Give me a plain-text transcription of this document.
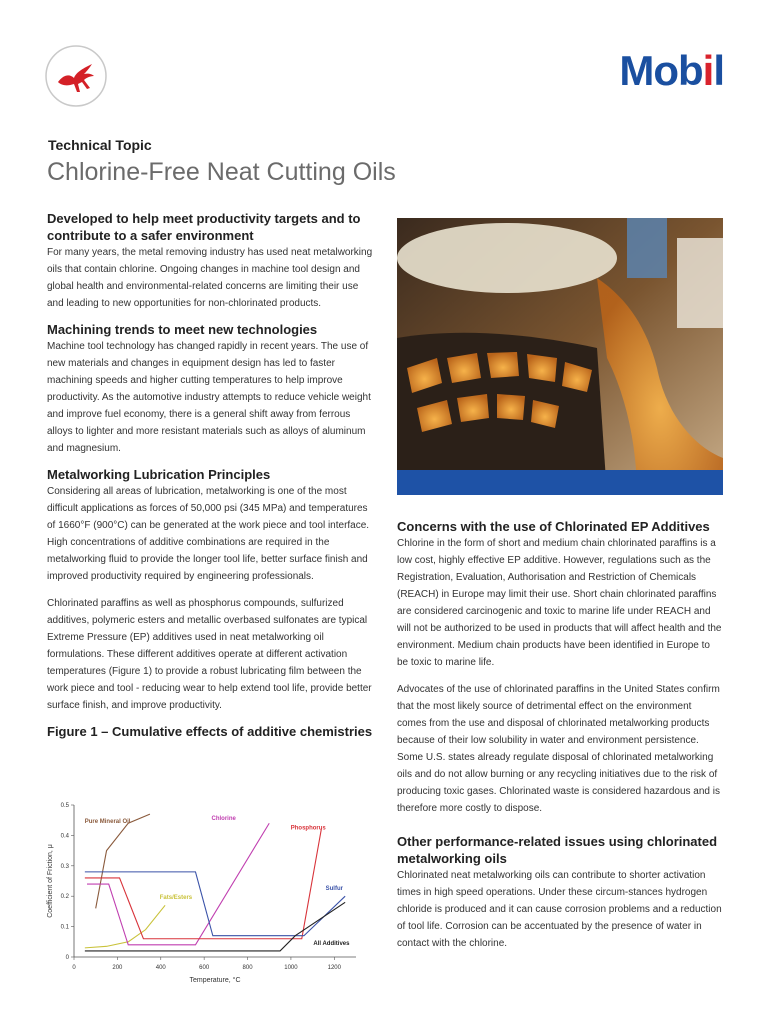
Mobil
Technical Topic
Chlorine-Free Neat Cutting Oils
Developed to help meet productivity targets and to contribute to a safer environment

For many years, the metal removing industry has used neat metalworking oils that contain chlorine. Ongoing changes in machine tool design and global health and environmental-related concerns are limiting their use and leading to new opportunities for non-chlorinated products.

Machining trends to meet new technologies

Machine tool technology has changed rapidly in recent years. The use of new materials and changes in equipment design has led to faster machining speeds and higher cutting temperatures to help improve productivity. As the automotive industry attempts to reduce vehicle weight and improve fuel economy, there is a general shift away from ferrous alloys to lighter and more resistant materials such as alloys of aluminum and magnesium.

Metalworking Lubrication Principles

Considering all areas of lubrication, metalworking is one of the most difficult applications as forces of 50,000 psi (345 MPa) and temperatures of 1660°F (900°C) can be generated at the work piece and tool interface. High concentrations of additive combinations are required in the metalworking fluid to provide the longer tool life, better surface finish and improved productivity required by engineering professionals.

Chlorinated paraffins as well as phosphorus compounds, sulfurized additives, polymeric esters and metallic overbased sulfonates are typical Extreme Pressure (EP) additives used in neat metalworking oil formulations. These different additives operate at different activation temperatures (Figure 1) to provide a robust lubricating film between the work piece and tool - reducing wear to help extend tool life, provide better surface finish, and improve productivity.

Figure 1 – Cumulative effects of additive chemistries
0	200	400	600	800	1000	1200
0
0.1
0.2
0.3
0.4
0.5
Temperature, °C
Coefficient of Friction, μ
Pure Mineral Oil
Fats/Esters
Chlorine
Phosphorus
Sulfur
All Additives
Concerns with the use of Chlorinated EP Additives

Chlorine in the form of short and medium chain chlorinated paraffins is a low cost, highly effective EP additive. However, regulations such as the Registration, Evaluation, Authorisation and Restriction of Chemicals (REACH) in Europe may limit their use. Short chain chlorinated paraffins are considered carcinogenic and toxic to marine life under REACH and will not be authorized to be used in products that will affect health and the environment. Medium chain products have been identified in Europe to be toxic to marine life.

Advocates of the use of chlorinated paraffins in the United States confirm that the most likely source of detrimental effect on the environment comes from the use and disposal of chlorinated metalworking products because of their low solubility in water and environment persistence. Some U.S. states already regulate disposal of chlorinated metalworking oils and do not allow burning or any recycling initiatives due to the risk of producing toxic gases. Chlorinated waste is considered hazardous and is therefore more costly to dispose.

Other performance-related issues using chlorinated metalworking oils

Chlorinated neat metalworking oils can contribute to shorter activation times in high speed operations. Under these circum-stances hydrogen chloride is produced and it can cause corrosion problems and a reduction of tool life. Corrosion can be accentuated by the presence of water in contact with the chlorine.
